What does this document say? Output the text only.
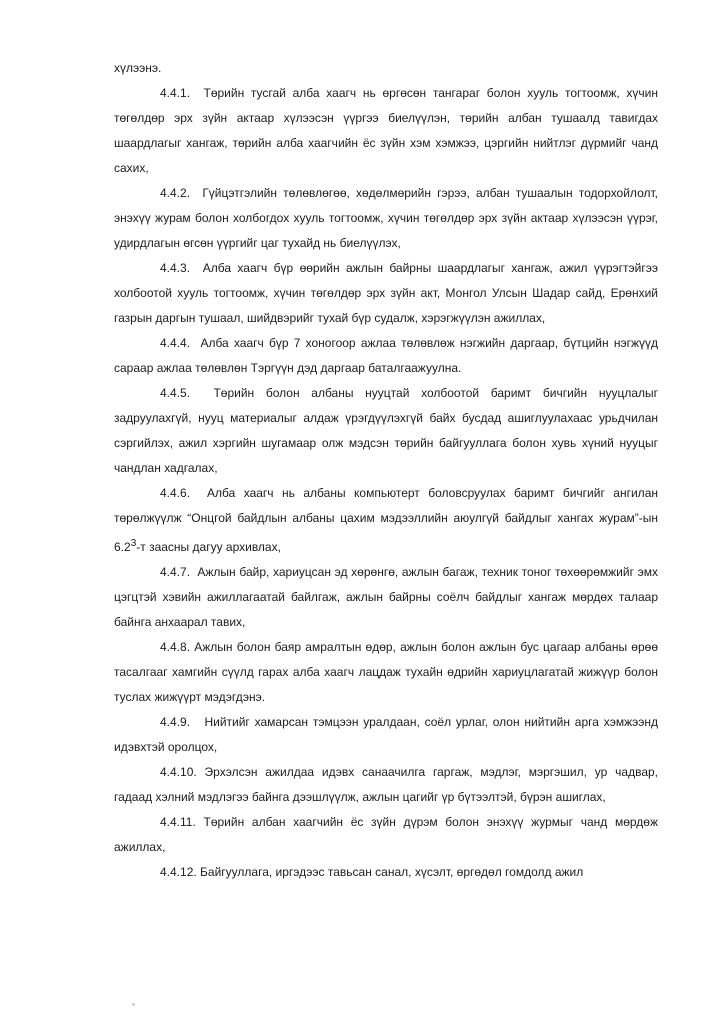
хүлээнэ.

4.4.1. Төрийн тусгай алба хаагч нь өргөсөн тангараг болон хууль тогтоомж, хүчин төгөлдөр эрх зүйн актаар хүлээсэн үүргээ биелүүлэн, төрийн албан тушаалд тавигдах шаардлагыг хангаж, төрийн алба хаагчийн ёс зүйн хэм хэмжээ, цэргийн нийтлэг дүрмийг чанд сахих,

4.4.2. Гүйцэтгэлийн төлөвлөгөө, хөдөлмөрийн гэрээ, албан тушаалын тодорхойлолт, энэхүү журам болон холбогдох хууль тогтоомж, хүчин төгөлдөр эрх зүйн актаар хүлээсэн үүрэг, удирдлагын өгсөн үүргийг цаг тухайд нь биелүүлэх,

4.4.3. Алба хаагч бүр өөрийн ажлын байрны шаардлагыг хангаж, ажил үүрэгтэйгээ холбоотой хууль тогтоомж, хүчин төгөлдөр эрх зүйн акт, Монгол Улсын Шадар сайд, Ерөнхий газрын даргын тушаал, шийдвэрийг тухай бүр судалж, хэрэгжүүлэн ажиллах,

4.4.4. Алба хаагч бүр 7 хоногоор ажлаа төлөвлөж нэгжийн даргаар, бүтцийн нэгжүүд сараар ажлаа төлөвлөн Тэргүүн дэд даргаар баталгаажуулна.

4.4.5. Төрийн болон албаны нууцтай холбоотой баримт бичгийн нууцлалыг задруулахгүй, нууц материалыг алдаж үрэгдүүлэхгүй байх бусдад ашиглуулахаас урьдчилан сэргийлэх, ажил хэргийн шугамаар олж мэдсэн төрийн байгууллага болон хувь хүний нууцыг чандлан хадгалах,

4.4.6. Алба хаагч нь албаны компьютерт боловсруулах баримт бичгийг ангилан төрөлжүүлж “Онцгой байдлын албаны цахим мэдээллийн аюулгүй байдлыг хангах журам”-ын $6.2^3-т$ заасны дагуу архивлах,

4.4.7. Ажлын байр, хариуцсан эд хөрөнгө, ажлын багаж, техник тоног төхөөрөмжийг эмх цэгцтэй хэвийн ажиллагаатай байлгаж, ажлын байрны соёлч байдлыг хангаж мөрдөх талаар байнга анхаарал тавих,

4.4.8. Ажлын болон баяр амралтын өдөр, ажлын болон ажлын бус цагаар албаны өрөө тасалгааг хамгийн сүүлд гарах алба хаагч лацдаж тухайн өдрийн хариуцлагатай жижүүр болон туслах жижүүрт мэдэгдэнэ.

4.4.9. Нийтийг хамарсан тэмцээн уралдаан, соёл урлаг, олон нийтийн арга хэмжээнд идэвхтэй оролцох,

4.4.10. Эрхэлсэн ажилдаа идэвх санаачилга гаргаж, мэдлэг, мэргэшил, ур чадвар, гадаад хэлний мэдлэгээ байнга дээшлүүлж, ажлын цагийг үр бүтээлтэй, бүрэн ашиглах,

4.4.11. Төрийн албан хаагчийн ёс зүйн дүрэм болон энэхүү журмыг чанд мөрдөж ажиллах,

4.4.12. Байгууллага, иргэдээс тавьсан санал, хүсэлт, өргөдөл гомдолд ажил
